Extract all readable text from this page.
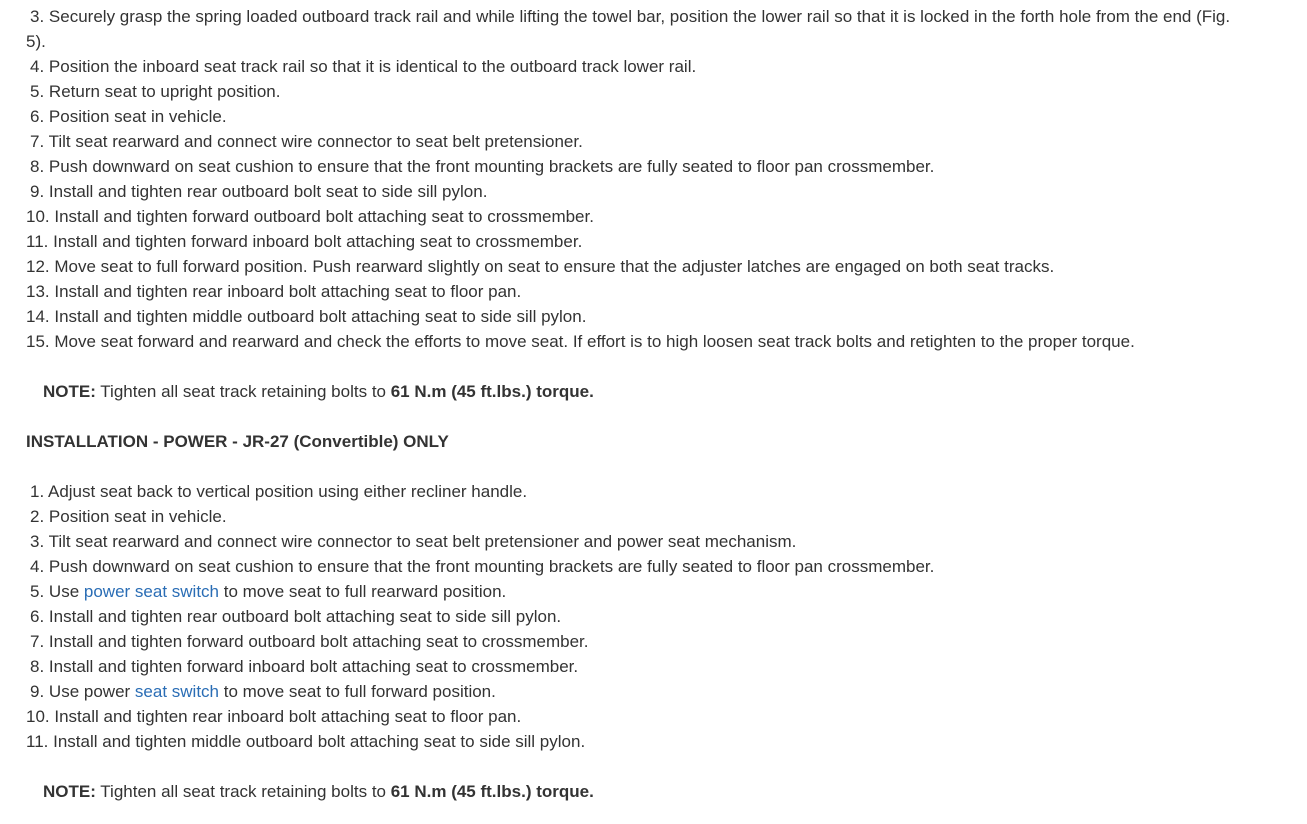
3. Securely grasp the spring loaded outboard track rail and while lifting the towel bar, position the lower rail so that it is locked in the forth hole from the end (Fig. 5).
4. Position the inboard seat track rail so that it is identical to the outboard track lower rail.
5. Return seat to upright position.
6. Position seat in vehicle.
7. Tilt seat rearward and connect wire connector to seat belt pretensioner.
8. Push downward on seat cushion to ensure that the front mounting brackets are fully seated to floor pan crossmember.
9. Install and tighten rear outboard bolt seat to side sill pylon.
10. Install and tighten forward outboard bolt attaching seat to crossmember.
11. Install and tighten forward inboard bolt attaching seat to crossmember.
12. Move seat to full forward position. Push rearward slightly on seat to ensure that the adjuster latches are engaged on both seat tracks.
13. Install and tighten rear inboard bolt attaching seat to floor pan.
14. Install and tighten middle outboard bolt attaching seat to side sill pylon.
15. Move seat forward and rearward and check the efforts to move seat. If effort is to high loosen seat track bolts and retighten to the proper torque.
NOTE: Tighten all seat track retaining bolts to 61 N.m (45 ft.lbs.) torque.
INSTALLATION - POWER - JR-27 (Convertible) ONLY
1. Adjust seat back to vertical position using either recliner handle.
2. Position seat in vehicle.
3. Tilt seat rearward and connect wire connector to seat belt pretensioner and power seat mechanism.
4. Push downward on seat cushion to ensure that the front mounting brackets are fully seated to floor pan crossmember.
5. Use power seat switch to move seat to full rearward position.
6. Install and tighten rear outboard bolt attaching seat to side sill pylon.
7. Install and tighten forward outboard bolt attaching seat to crossmember.
8. Install and tighten forward inboard bolt attaching seat to crossmember.
9. Use power seat switch to move seat to full forward position.
10. Install and tighten rear inboard bolt attaching seat to floor pan.
11. Install and tighten middle outboard bolt attaching seat to side sill pylon.
NOTE: Tighten all seat track retaining bolts to 61 N.m (45 ft.lbs.) torque.
